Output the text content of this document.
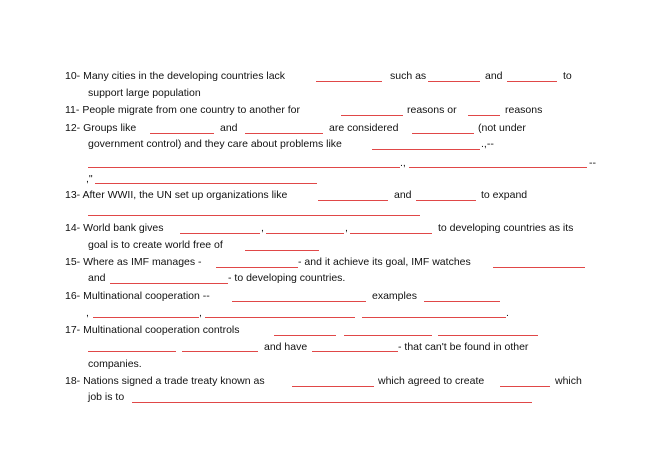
10- Many cities in the developing countries lack	such as	and	to
support large population
11- People migrate from one country to another for	reasons or	reasons
12- Groups like	and	are considered	(not under
government control) and they care about problems like	.,--
.,	--
,"
13- After WWII, the UN set up organizations like	and	to expand
14- World bank gives	,	,	to developing countries as its
goal is to create world free of
15- Where as IMF manages -	- and it achieve its goal, IMF watches
and	- to developing countries.
16- Multinational cooperation --	examples
,	,	.
17- Multinational cooperation controls
and have	- that can't be found in other
companies.
18- Nations signed a trade treaty known as	which agreed to create	which
job is to
